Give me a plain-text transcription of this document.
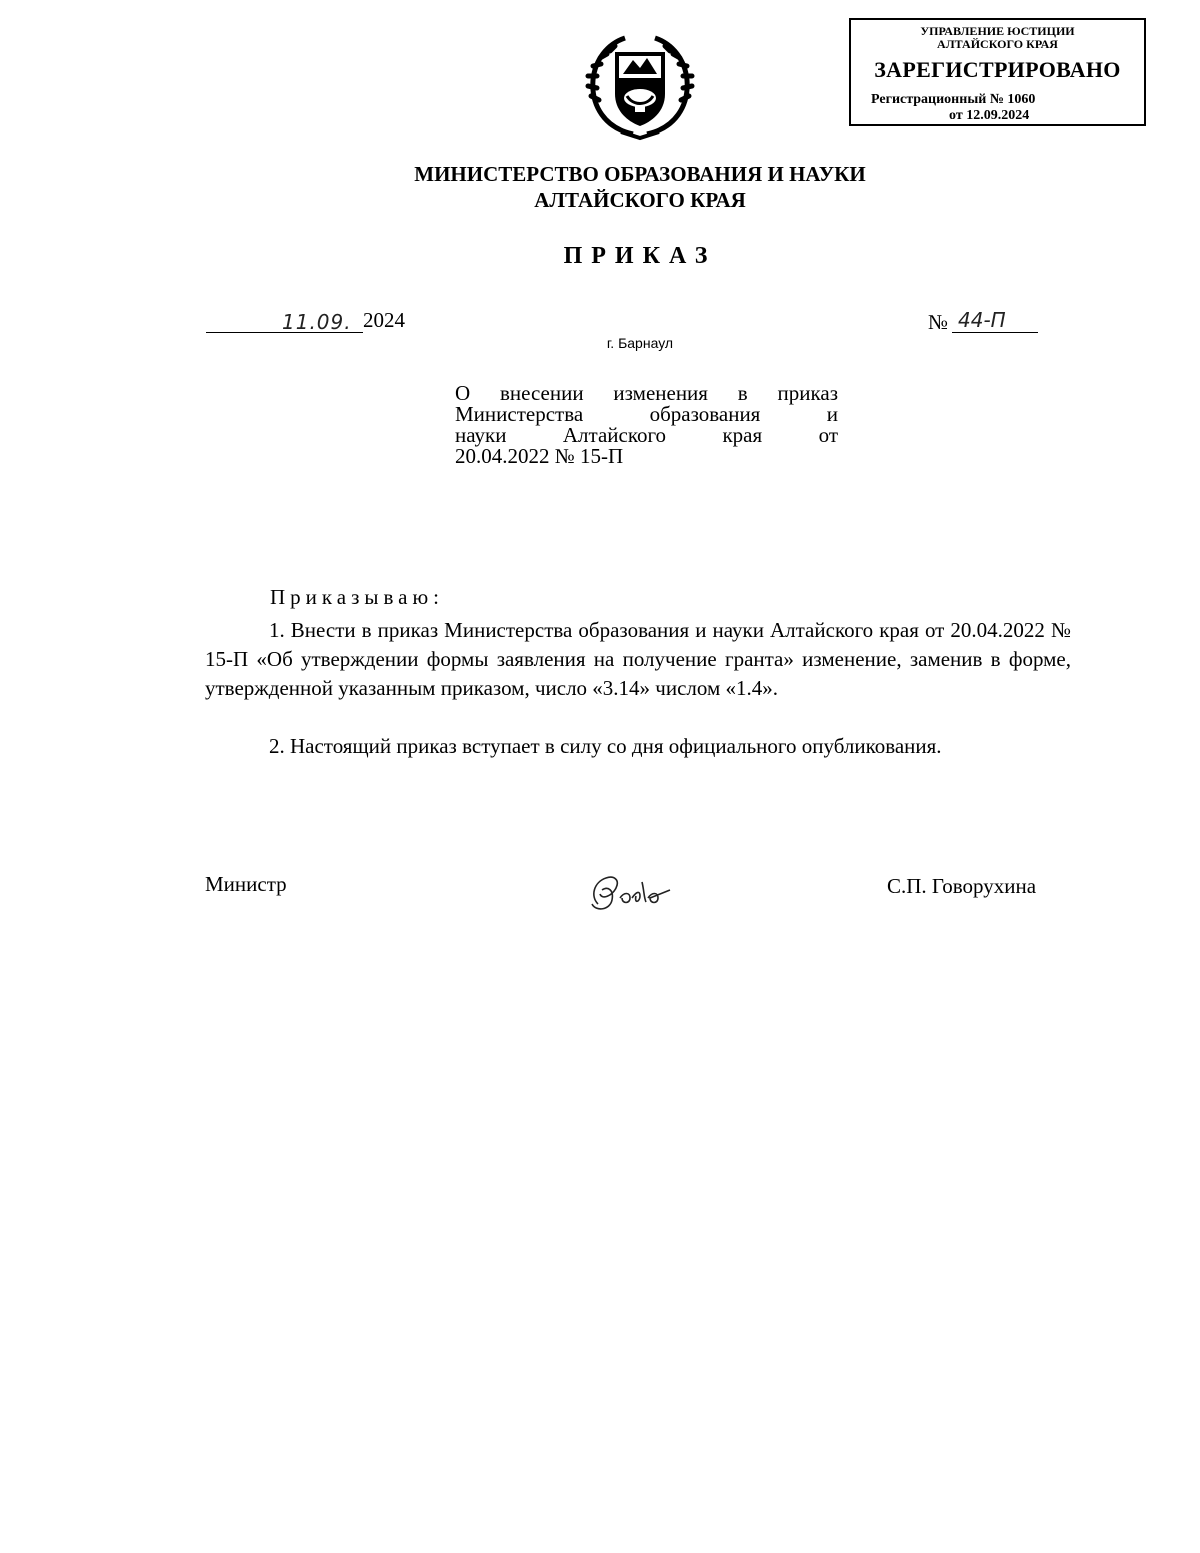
УПРАВЛЕНИЕ ЮСТИЦИИ
АЛТАЙСКОГО КРАЯ
ЗАРЕГИСТРИРОВАНО
Регистрационный № 1060
от 12.09.2024
МИНИСТЕРСТВО ОБРАЗОВАНИЯ И НАУКИ
АЛТАЙСКОГО КРАЯ
ПРИКАЗ
11.09. 2024	№ 44-П
г. Барнаул
О внесении изменения в приказ
Министерства образования и
науки Алтайского края от
20.04.2022 № 15-П
Приказываю:

1. Внести в приказ Министерства образования и науки Алтайского края от 20.04.2022 № 15-П «Об утверждении формы заявления на получение гранта» изменение, заменив в форме, утвержденной указанным приказом, число «3.14» числом «1.4».

2. Настоящий приказ вступает в силу со дня официального опубликования.

Министр	С.П. Говорухина
